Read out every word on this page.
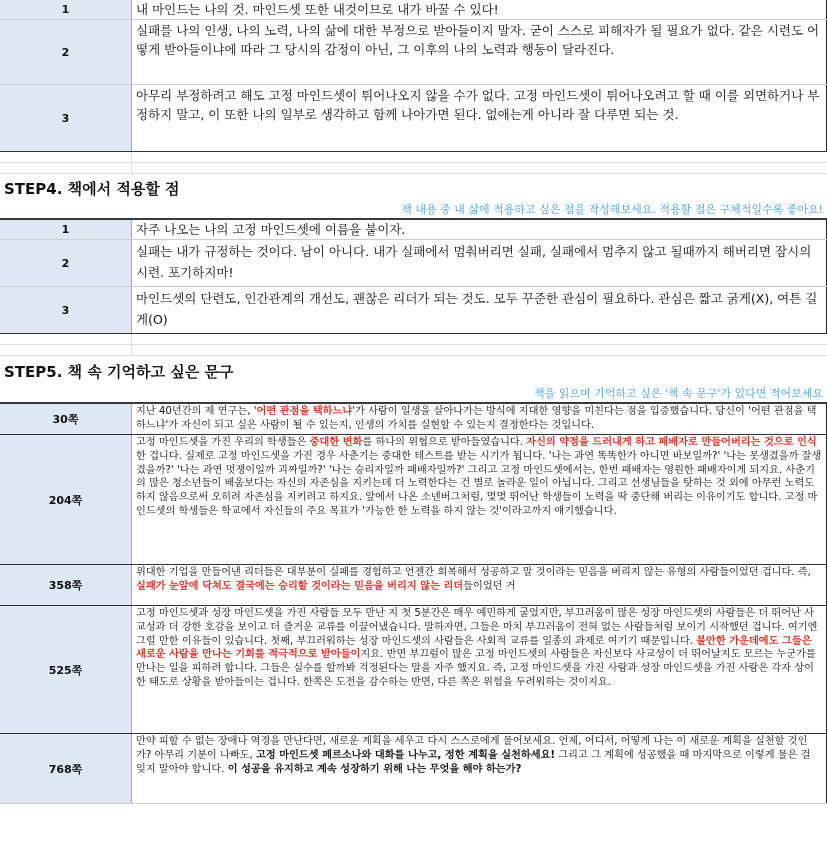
1	내 마인드는 나의 것. 마인드셋 또한 내것이므로 내가 바꿀 수 있다!
2
실패를 나의 인생, 나의 노력, 나의 삶에 대한 부정으로 받아들이지 말자. 굳이 스스로 피해자가 될 필요가 없다. 같은 시련도 어떻게 받아들이냐에 따라 그 당시의 감정이 아닌, 그 이후의 나의 노력과 행동이 달라진다.
3
아무리 부정하려고 해도 고정 마인드셋이 튀어나오지 않을 수가 없다. 고정 마인드셋이 튀어나오려고 할 때 이를 외면하거나 부정하지 말고, 이 또한 나의 일부로 생각하고 함께 나아가면 된다. 없애는게 아니라 잘 다루면 되는 것.
STEP4. 책에서 적용할 점
책 내용 중 내 삶에 적용하고 싶은 점을 작성해보세요. 적용할 점은 구체적일수록 좋아요!
1	자주 나오는 나의 고정 마인드셋에 이름을 붙이자.
2
실패는 내가 규정하는 것이다. 남이 아니다. 내가 실패에서 멈춰버리면 실패, 실패에서 멈추지 않고 될때까지 해버리면 잠시의 시련. 포기하지마!
3
마인드셋의 단련도, 인간관계의 개선도, 괜찮은 리더가 되는 것도. 모두 꾸준한 관심이 필요하다. 관심은 짧고 굵게(X), 여튼 길게(O)
STEP5. 책 속 기억하고 싶은 문구
책을 읽으며 기억하고 싶은 '책 속 문구'가 있다면 적어보세요
30쪽
지난 40년간의 제 연구는, '어떤 관점을 택하느냐'가 사람이 일생을 살아나가는 방식에 지대한 영향을 미친다는 점을 입증했습니다. 당신이 '어떤 관점을 택하느냐'가 자신이 되고 싶은 사람이 될 수 있는지, 인생의 가치를 실현할 수 있는지 결정한다는 것입니다.
204쪽
고정 마인드셋을 가진 우리의 학생들은 중대한 변화를 하나의 위협으로 받아들였습니다. 자신의 약점을 드러내게 하고 패배자로 만들어버리는 것으로 인식한 겁니다. 실제로 고정 마인드셋을 가진 경우 사춘기는 중대한 테스트를 받는 시기가 됩니다. '나는 과연 똑똑한가 아니면 바보일까?' '나는 못생겼을까 잘생겼을까?' '나는 과연 멋쟁이일까 괴짜일까?' '나는 승리자일까 패배자일까?' 그리고 고정 마인드셋에서는, 한번 패배자는 영원한 패배자이게 되지요. 사춘기의 많은 청소년들이 배움보다는 자신의 자존심을 지키는데 더 노력한다는 건 별로 놀라운 일이 아닙니다. 그리고 선생님들을 탓하는 것 외에 아무런 노력도 하지 않음으로써 오히려 자존심을 지키려고 하지요. 앞에서 나온 소넨버그처럼, 몇몇 뛰어난 학생들이 노력을 딱 중단해 버리는 이유이기도 합니다. 고정 마인드셋의 학생들은 학교에서 자신들의 주요 목표가 '가능한 한 노력을 하지 않는 것'이라고까지 얘기했습니다.
358쪽
위대한 기업을 만들어낸 리더들은 대부분이 실패를 경험하고 언젠간 회복해서 성공하고 말 것이라는 믿음을 버리지 않는 유형의 사람들이었던 겁니다. 즉, 실패가 눈앞에 닥쳐도 결국에는 승리할 것이라는 믿음을 버리지 않는 리더들이었던 거
525쪽
고정 마인드셋과 성장 마인드셋을 가진 사람들 모두 만난 지 첫 5분간은 매우 예민하게 굴었지만, 부끄러움이 많은 성장 마인드셋의 사람들은 더 뛰어난 사교성과 더 강한 호감을 보이고 더 즐거운 교류를 이끌어냈습니다. 말하자면, 그들은 마치 부끄러움이 전혀 없는 사람들처럼 보이기 시작했던 겁니다. 여기엔 그럴 만한 이유들이 있습니다. 첫째, 부끄러워하는 성장 마인드셋의 사람들은 사회적 교류를 일종의 과제로 여기기 때문입니다. 불안한 가운데에도 그들은 새로운 사람을 만나는 기회를 적극적으로 받아들이지요. 반면 부끄럼이 많은 고정 마인드셋의 사람들은 자신보다 사교성이 더 뛰어날지도 모르는 누군가를 만나는 일을 피하려 합니다. 그들은 실수를 할까봐 걱정된다는 말을 자주 했지요. 즉, 고정 마인드셋을 가진 사람과 성장 마인드셋을 가진 사람은 각자 상이한 태도로 상황을 받아들이는 겁니다. 한쪽은 도전을 감수하는 반면, 다른 쪽은 위험을 두려워하는 것이지요.
768쪽
만약 피할 수 없는 장애나 역경을 만난다면, 새로운 계획을 세우고 다시 스스로에게 물어보세요. 언제, 어디서, 어떻게 나는 이 새로운 계획을 실천할 것인가? 아무리 기분이 나빠도, 고정 마인드셋 페르소나와 대화를 나누고, 정한 계획을 실천하세요! 그리고 그 계획에 성공했을 때 마지막으로 이렇게 물은 걸 잊지 말아야 합니다. 이 성공을 유지하고 계속 성장하기 위해 나는 무엇을 해야 하는가?
